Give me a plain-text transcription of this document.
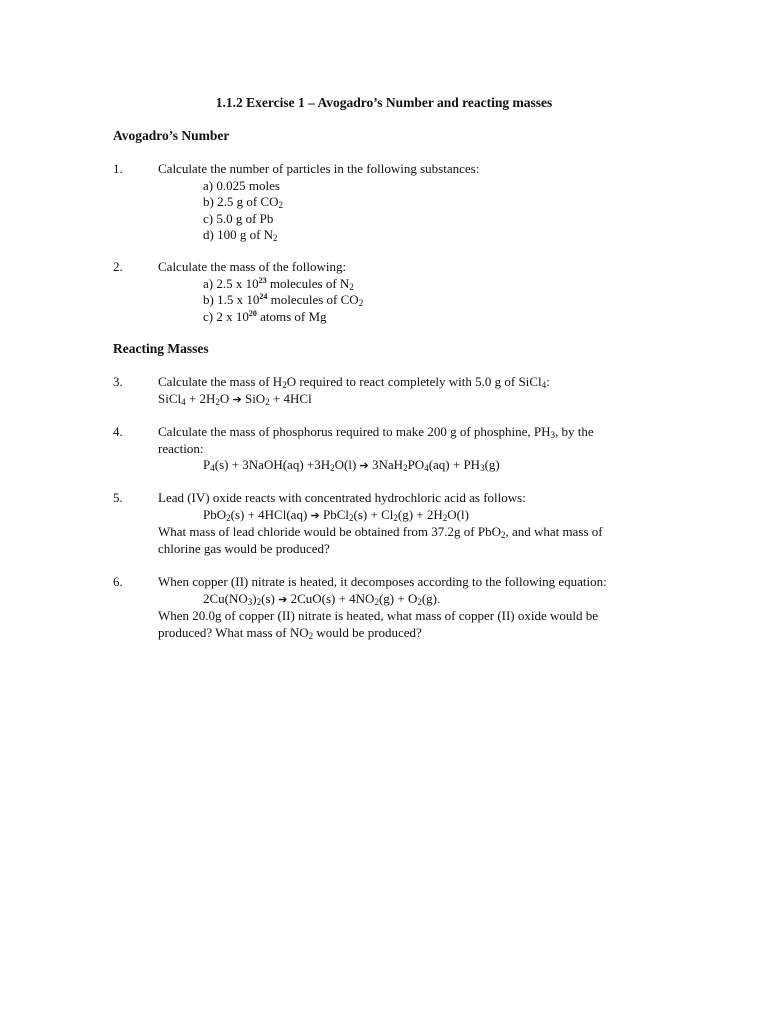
1.1.2 Exercise 1 – Avogadro’s Number and reacting masses
Avogadro’s Number
1.	Calculate the number of particles in the following substances:
a) 0.025 moles
b) 2.5 g of $CO_2$
c) 5.0 g of Pb
d) 100 g of $N_2$
2.	Calculate the mass of the following:
a) 2.5 x $10^{23}$ molecules of $N_2$
b) 1.5 x $10^{24}$ molecules of $CO_2$
c) 2 x $10^{20}$ atoms of Mg
Reacting Masses
3.	Calculate the mass of $H_2O$ required to react completely with 5.0 g of SiCl$_4$:
SiCl$_4$ + $2H_2O$ ➔ SiO$_2$ + 4HCl
4.	Calculate the mass of phosphorus required to make 200 g of phosphine, $PH_3$, by the
reaction:
$P_4(s)$ + 3NaOH(aq) $+3H_2O(l)$ ➔ $3NaH_2PO_4(aq) + PH_3(g)$
5.	Lead (IV) oxide reacts with concentrated hydrochloric acid as follows:
PbO$_2$(s) + 4HCl(aq) ➔ PbCl$_2$(s) + $Cl_2(g) + 2H_2O(l)$
What mass of lead chloride would be obtained from 37.2g of PbO$_2$, and what mass of
chlorine gas would be produced?
6.	When copper (II) nitrate is heated, it decomposes according to the following equation:
$2Cu(NO_3)_2(s)$ ➔ $2CuO(s) + 4NO_2(g) + O_2(g)$.
When 20.0g of copper (II) nitrate is heated, what mass of copper (II) oxide would be
produced? What mass of $NO_2$ would be produced?
